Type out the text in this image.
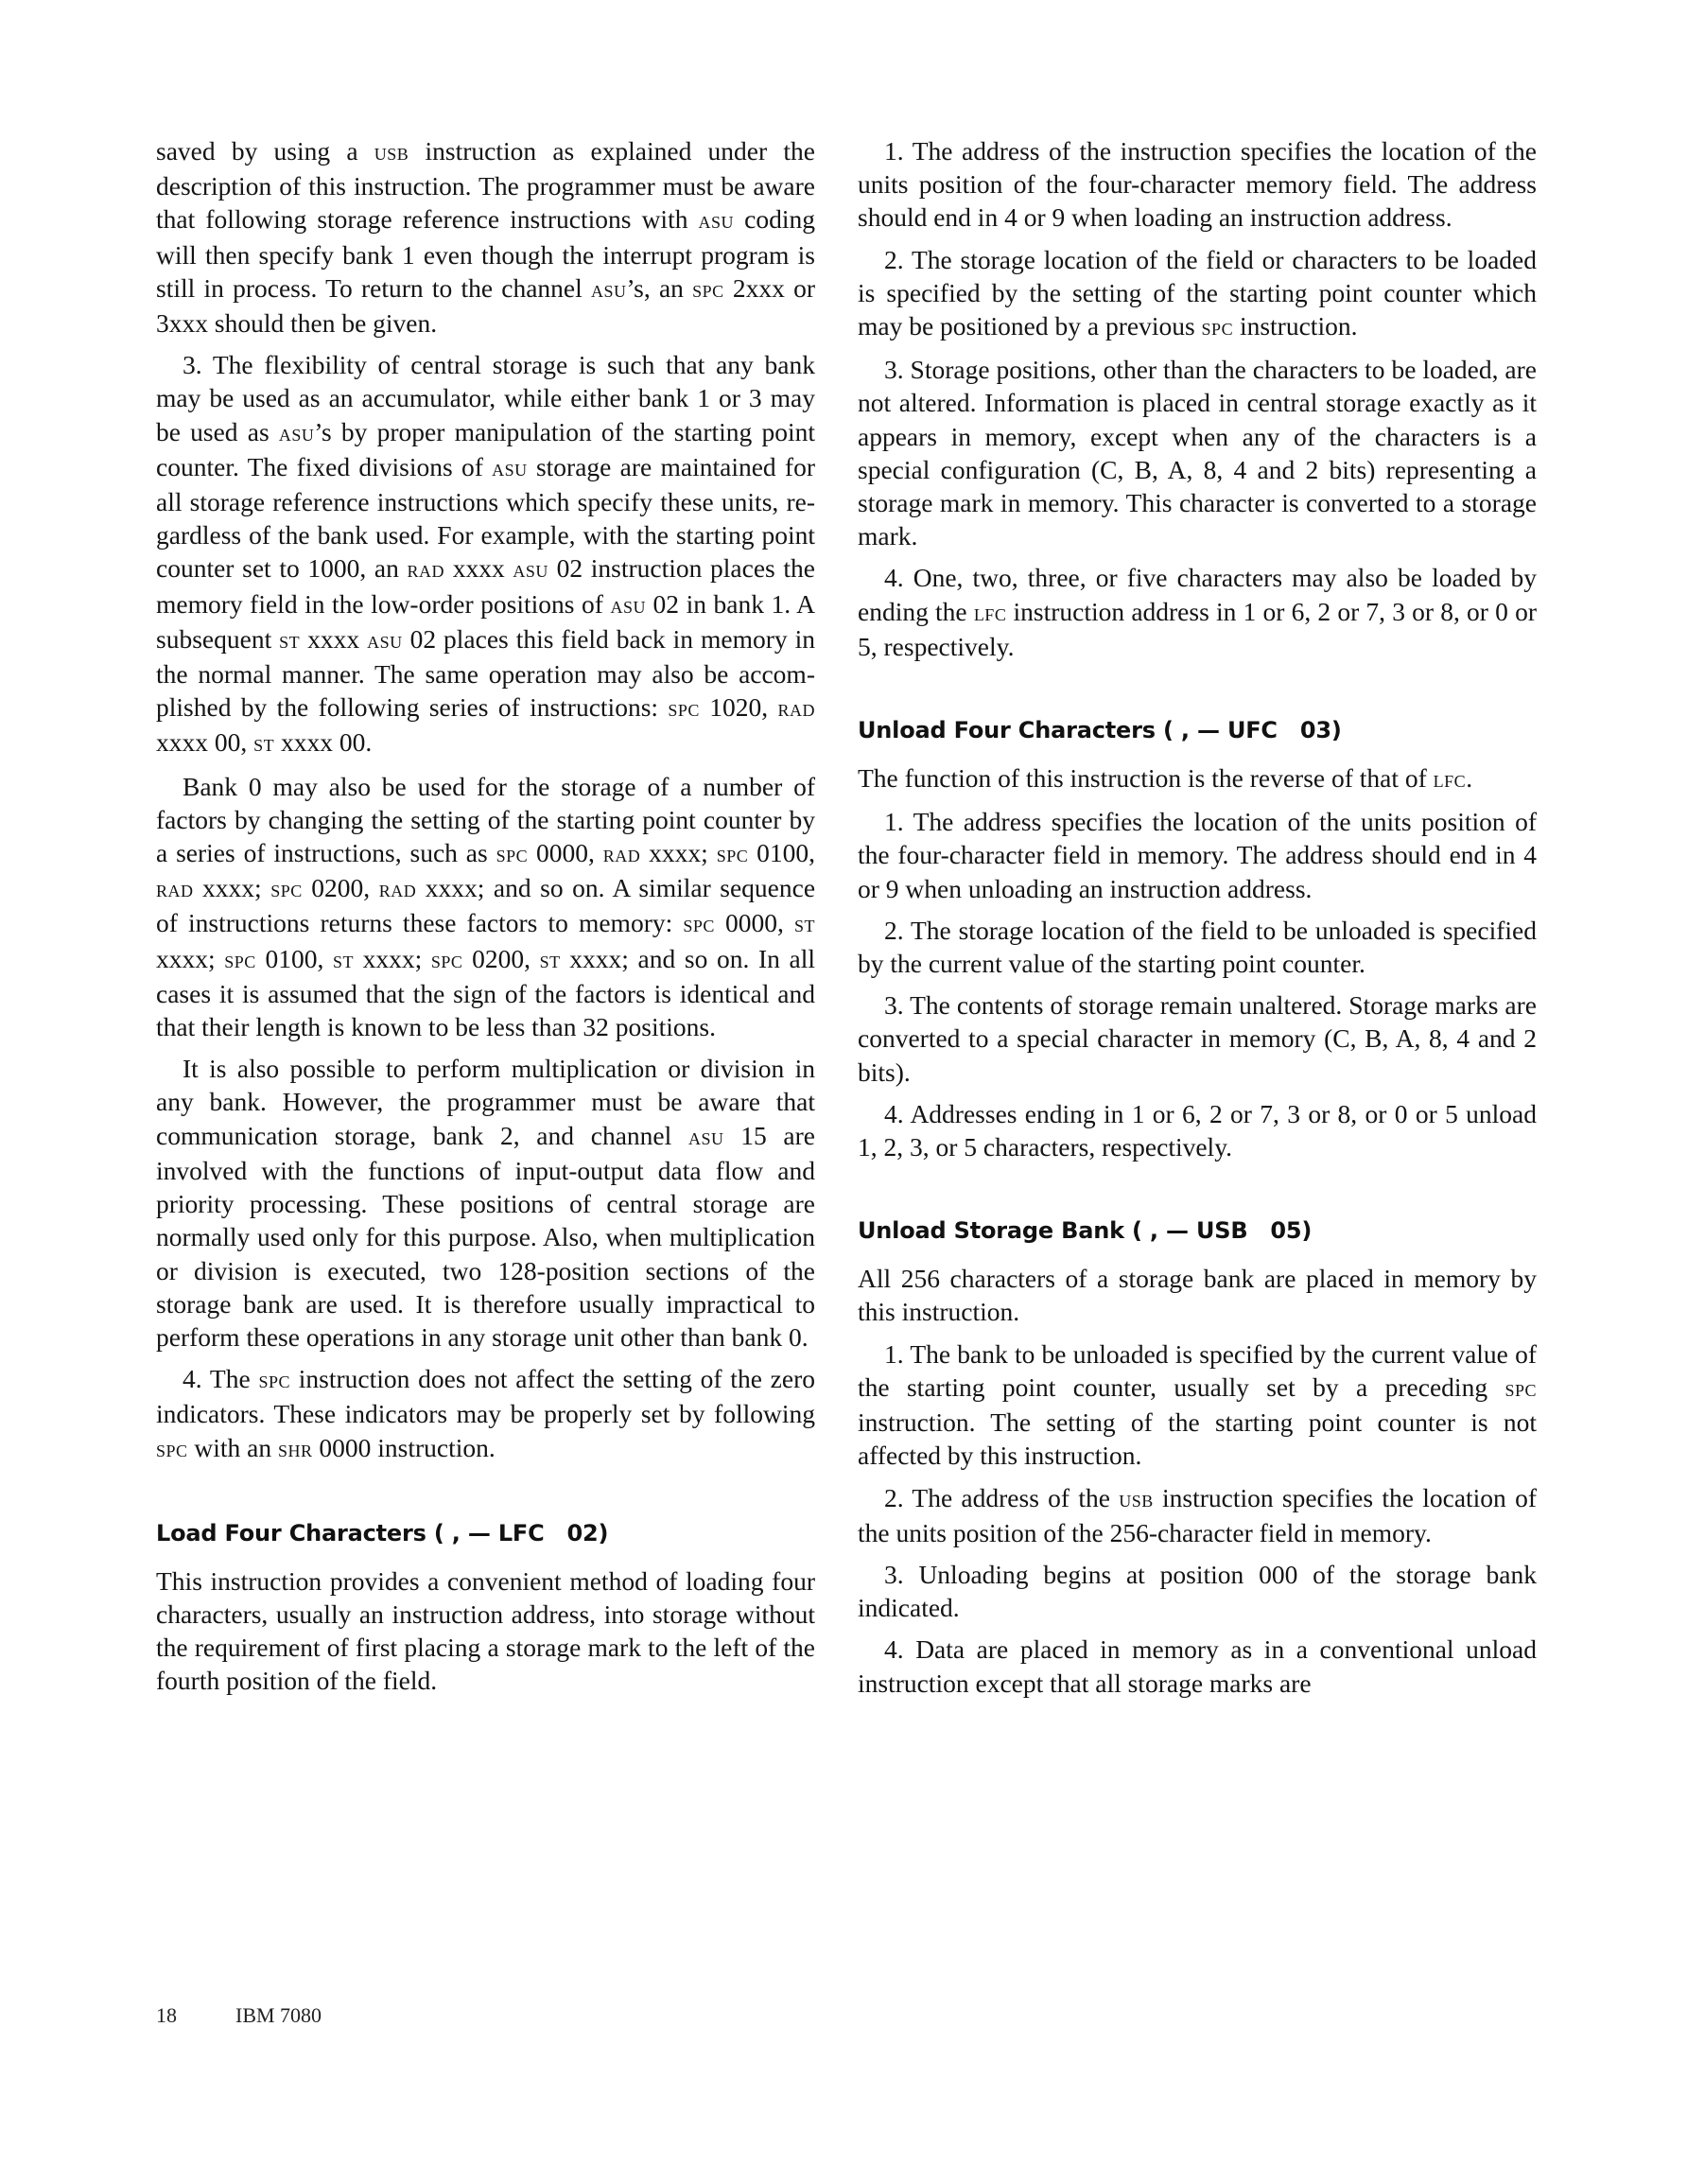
saved by using a usb instruction as explained under the description of this instruction. The programmer must be aware that following storage reference instructions with asu coding will then specify bank 1 even though the interrupt program is still in process. To return to the channel asu’s, an spc 2xxx or 3xxx should then be given.

3. The flexibility of central storage is such that any bank may be used as an accumulator, while either bank 1 or 3 may be used as asu’s by proper manipulation of the starting point counter. The fixed divisions of asu storage are maintained for all storage reference instructions which specify these units, regardless of the bank used. For example, with the starting point counter set to 1000, an rad xxxx asu 02 instruction places the memory field in the low-order positions of asu 02 in bank 1. A subsequent st xxxx asu 02 places this field back in memory in the normal manner. The same operation may also be accomplished by the following series of instructions: spc 1020, rad xxxx 00, st xxxx 00.

Bank 0 may also be used for the storage of a number of factors by changing the setting of the starting point counter by a series of instructions, such as spc 0000, rad xxxx; spc 0100, rad xxxx; spc 0200, rad xxxx; and so on. A similar sequence of instructions returns these factors to memory: spc 0000, st xxxx; spc 0100, st xxxx; spc 0200, st xxxx; and so on. In all cases it is assumed that the sign of the factors is identical and that their length is known to be less than 32 positions.

It is also possible to perform multiplication or division in any bank. However, the programmer must be aware that communication storage, bank 2, and channel asu 15 are involved with the functions of input-output data flow and priority processing. These positions of central storage are normally used only for this purpose. Also, when multiplication or division is executed, two 128-position sections of the storage bank are used. It is therefore usually impractical to perform these operations in any storage unit other than bank 0.

4. The spc instruction does not affect the setting of the zero indicators. These indicators may be properly set by following spc with an shr 0000 instruction.

Load Four Characters ( , — LFC 02)

This instruction provides a convenient method of loading four characters, usually an instruction address, into storage without the requirement of first placing a storage mark to the left of the fourth position of the field.

1. The address of the instruction specifies the location of the units position of the four-character memory field. The address should end in 4 or 9 when loading an instruction address.

2. The storage location of the field or characters to be loaded is specified by the setting of the starting point counter which may be positioned by a previous spc instruction.

3. Storage positions, other than the characters to be loaded, are not altered. Information is placed in central storage exactly as it appears in memory, except when any of the characters is a special configuration (C, B, A, 8, 4 and 2 bits) representing a storage mark in memory. This character is converted to a storage mark.

4. One, two, three, or five characters may also be loaded by ending the lfc instruction address in 1 or 6, 2 or 7, 3 or 8, or 0 or 5, respectively.

Unload Four Characters ( , — UFC 03)

The function of this instruction is the reverse of that of lfc.

1. The address specifies the location of the units position of the four-character field in memory. The address should end in 4 or 9 when unloading an instruction address.

2. The storage location of the field to be unloaded is specified by the current value of the starting point counter.

3. The contents of storage remain unaltered. Storage marks are converted to a special character in memory (C, B, A, 8, 4 and 2 bits).

4. Addresses ending in 1 or 6, 2 or 7, 3 or 8, or 0 or 5 unload 1, 2, 3, or 5 characters, respectively.

Unload Storage Bank ( , — USB 05)

All 256 characters of a storage bank are placed in memory by this instruction.

1. The bank to be unloaded is specified by the current value of the starting point counter, usually set by a preceding spc instruction. The setting of the starting point counter is not affected by this instruction.

2. The address of the usb instruction specifies the location of the units position of the 256-character field in memory.

3. Unloading begins at position 000 of the storage bank indicated.

4. Data are placed in memory as in a conventional unload instruction except that all storage marks are

18	IBM 7080
